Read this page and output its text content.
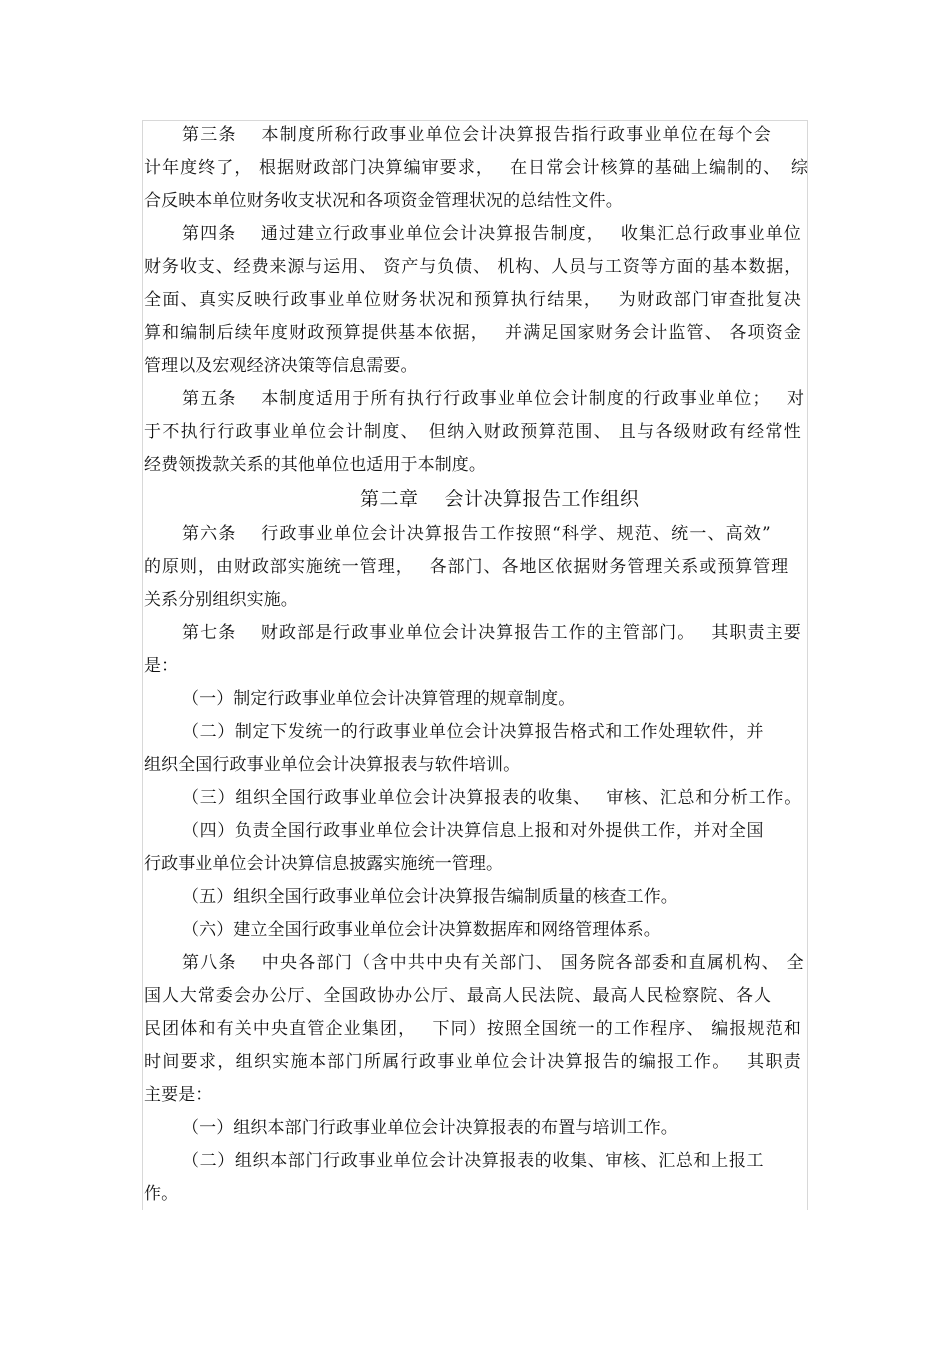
第三条　 本制度所称行政事业单位会计决算报告指行政事业单位在每个会

计年度终了， 根据财政部门决算编审要求，　 在日常会计核算的基础上编制的、　综

合反映本单位财务收支状况和各项资金管理状况的总结性文件。

第四条　 通过建立行政事业单位会计决算报告制度，　 收集汇总行政事业单位

财务收支、经费来源与运用、 资产与负债、 机构、人员与工资等方面的基本数据，

全面、真实反映行政事业单位财务状况和预算执行结果，　 为财政部门审查批复决

算和编制后续年度财政预算提供基本依据，　 并满足国家财务会计监管、 各项资金

管理以及宏观经济决策等信息需要。

第五条　 本制度适用于所有执行行政事业单位会计制度的行政事业单位；　 对

于不执行行政事业单位会计制度、　但纳入财政预算范围、 且与各级财政有经常性

经费领拨款关系的其他单位也适用于本制度。

第二章　 会计决算报告工作组织

第六条　 行政事业单位会计决算报告工作按照“科学、规范、统一、高效”

的原则，由财政部实施统一管理，　 各部门、各地区依据财务管理关系或预算管理

关系分别组织实施。

第七条　 财政部是行政事业单位会计决算报告工作的主管部门。　 其职责主要

是：

（一）制定行政事业单位会计决算管理的规章制度。

（二）制定下发统一的行政事业单位会计决算报告格式和工作处理软件，并

组织全国行政事业单位会计决算报表与软件培训。

（三）组织全国行政事业单位会计决算报表的收集、　 审核、汇总和分析工作。

（四）负责全国行政事业单位会计决算信息上报和对外提供工作，并对全国

行政事业单位会计决算信息披露实施统一管理。

（五）组织全国行政事业单位会计决算报告编制质量的核查工作。

（六）建立全国行政事业单位会计决算数据库和网络管理体系。

第八条　 中央各部门（含中共中央有关部门、 国务院各部委和直属机构、 全

国人大常委会办公厅、全国政协办公厅、最高人民法院、最高人民检察院、各人

民团体和有关中央直管企业集团，　 下同）按照全国统一的工作程序、 编报规范和

时间要求，组织实施本部门所属行政事业单位会计决算报告的编报工作。　 其职责

主要是：

（一）组织本部门行政事业单位会计决算报表的布置与培训工作。

（二）组织本部门行政事业单位会计决算报表的收集、审核、汇总和上报工

作。
